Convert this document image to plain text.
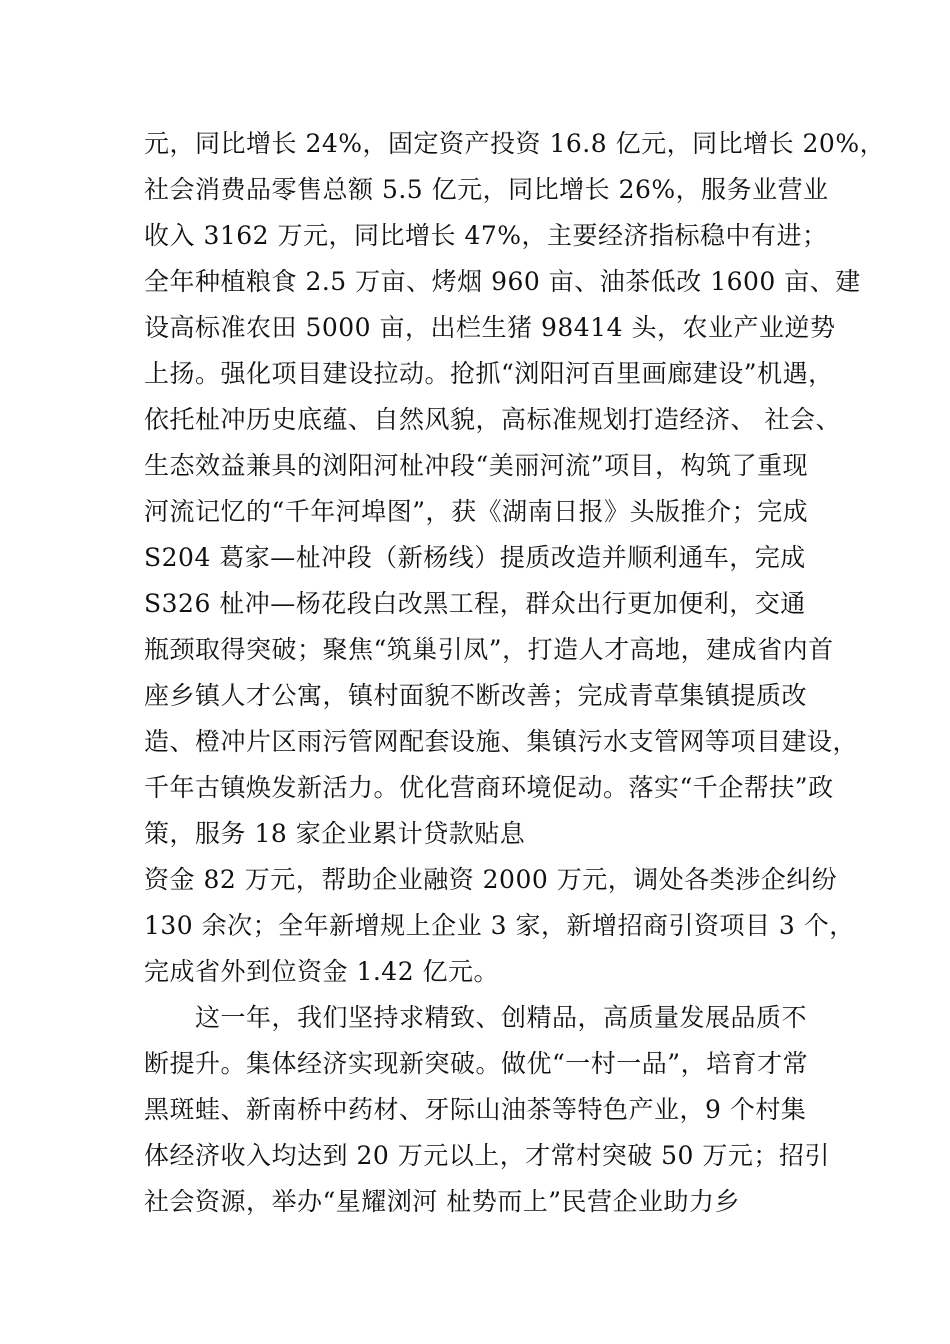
元，同比增长 24%，固定资产投资 16.8 亿元，同比增长 20%，
社会消费品零售总额 5.5 亿元，同比增长 26%，服务业营业
收入 3162 万元，同比增长 47%，主要经济指标稳中有进；
全年种植粮食 2.5 万亩、烤烟 960 亩、油茶低改 1600 亩、建
设高标准农田 5000 亩，出栏生猪 98414 头，农业产业逆势
上扬。强化项目建设拉动。抢抓“浏阳河百里画廊建设”机遇，
依托杫冲历史底蕴、自然风貌，高标准规划打造经济、 社会、
生态效益兼具的浏阳河杫冲段“美丽河流”项目，构筑了重现
河流记忆的“千年河埠图”，获《湖南日报》头版推介；完成
S204 葛家—杫冲段（新杨线）提质改造并顺利通车，完成
S326 杫冲—杨花段白改黑工程，群众出行更加便利，交通
瓶颈取得突破；聚焦“筑巢引凤”，打造人才高地，建成省内首
座乡镇人才公寓，镇村面貌不断改善；完成青草集镇提质改
造、橙冲片区雨污管网配套设施、集镇污水支管网等项目建设，
千年古镇焕发新活力。优化营商环境促动。落实“千企帮扶”政
策，服务 18 家企业累计贷款贴息
资金 82 万元，帮助企业融资 2000 万元，调处各类涉企纠纷
130 余次；全年新增规上企业 3 家，新增招商引资项目 3 个，
完成省外到位资金 1.42 亿元。
　　这一年，我们坚持求精致、创精品，高质量发展品质不
断提升。集体经济实现新突破。做优“一村一品”，培育才常
黑斑蛙、新南桥中药材、牙际山油茶等特色产业，9 个村集
体经济收入均达到 20 万元以上，才常村突破 50 万元；招引
社会资源，举办“星耀浏河 杫势而上”民营企业助力乡
